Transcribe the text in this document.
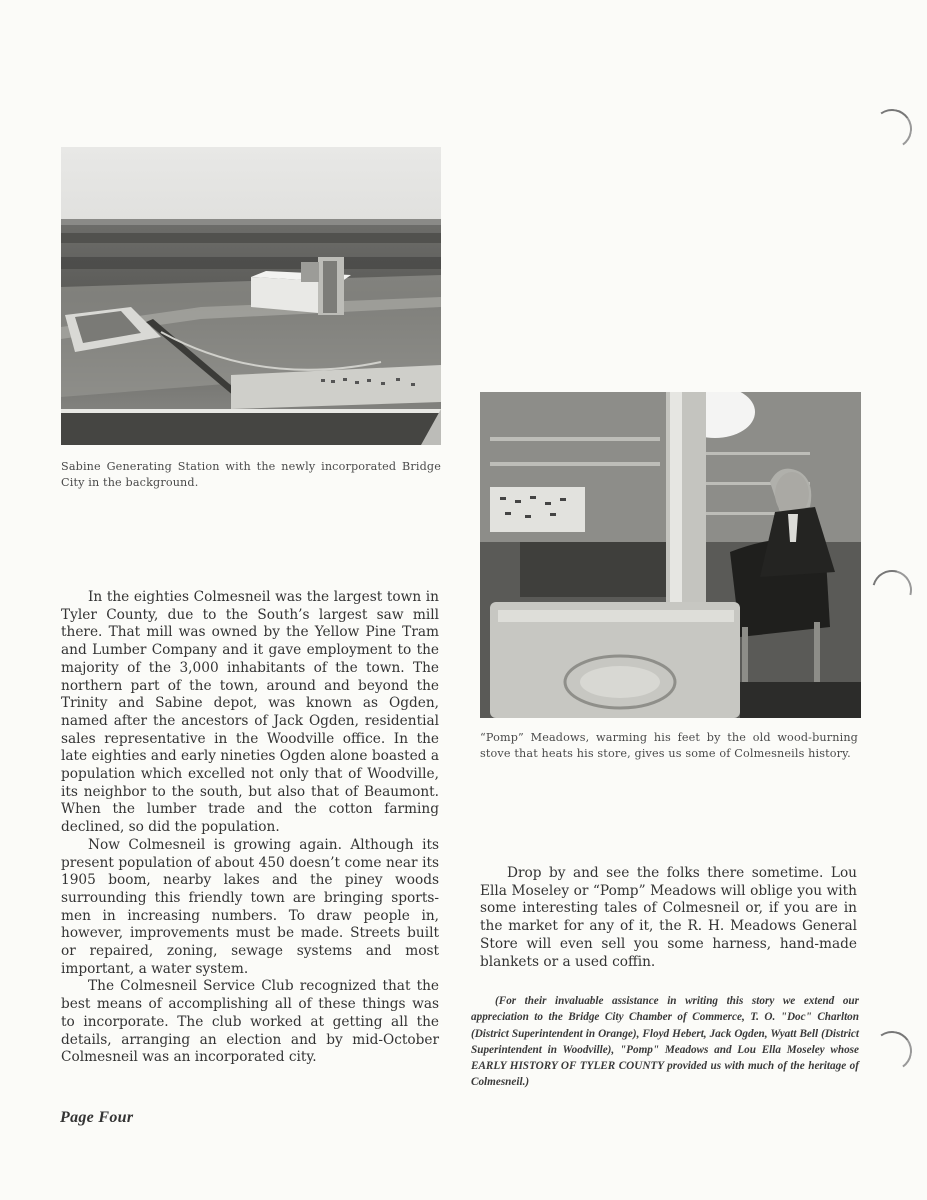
Sabine Generating Station with the newly incorporated Bridge City in the background.
“Pomp” Meadows, warming his feet by the old wood-burning stove that heats his store, gives us some of Colmesneils history.

In the eighties Colmesneil was the largest town in Tyler County, due to the South’s largest saw mill there. That mill was owned by the Yellow Pine Tram and Lumber Company and it gave employment to the majority of the 3,000 inhabitants of the town. The northern part of the town, around and beyond the Trinity and Sabine depot, was known as Ogden, named after the ancestors of Jack Ogden, residential sales representative in the Woodville office. In the late eighties and early nineties Ogden alone boasted a population which excelled not only that of Woodville, its neighbor to the south, but also that of Beaumont. When the lumber trade and the cotton farming declined, so did the population.

Now Colmesneil is growing again. Although its present population of about 450 doesn’t come near its 1905 boom, nearby lakes and the piney woods surrounding this friendly town are bringing sportsmen in increasing numbers. To draw people in, however, improvements must be made. Streets built or repaired, zoning, sewage systems and most important, a water system.

The Colmesneil Service Club recognized that the best means of accomplishing all of these things was to incorporate. The club worked at getting all the details, arranging an election and by mid-October Colmesneil was an incorporated city.

Drop by and see the folks there sometime. Lou Ella Moseley or “Pomp” Meadows will oblige you with some interesting tales of Colmesneil or, if you are in the market for any of it, the R. H. Meadows General Store will even sell you some harness, hand-made blankets or a used coffin.

(For their invaluable assistance in writing this story we extend our appreciation to the Bridge City Chamber of Commerce, T. O. "Doc" Charlton (District Superintendent in Orange), Floyd Hebert, Jack Ogden, Wyatt Bell (District Superintendent in Woodville), "Pomp" Meadows and Lou Ella Moseley whose EARLY HISTORY OF TYLER COUNTY provided us with much of the heritage of Colmesneil.)
Page Four
